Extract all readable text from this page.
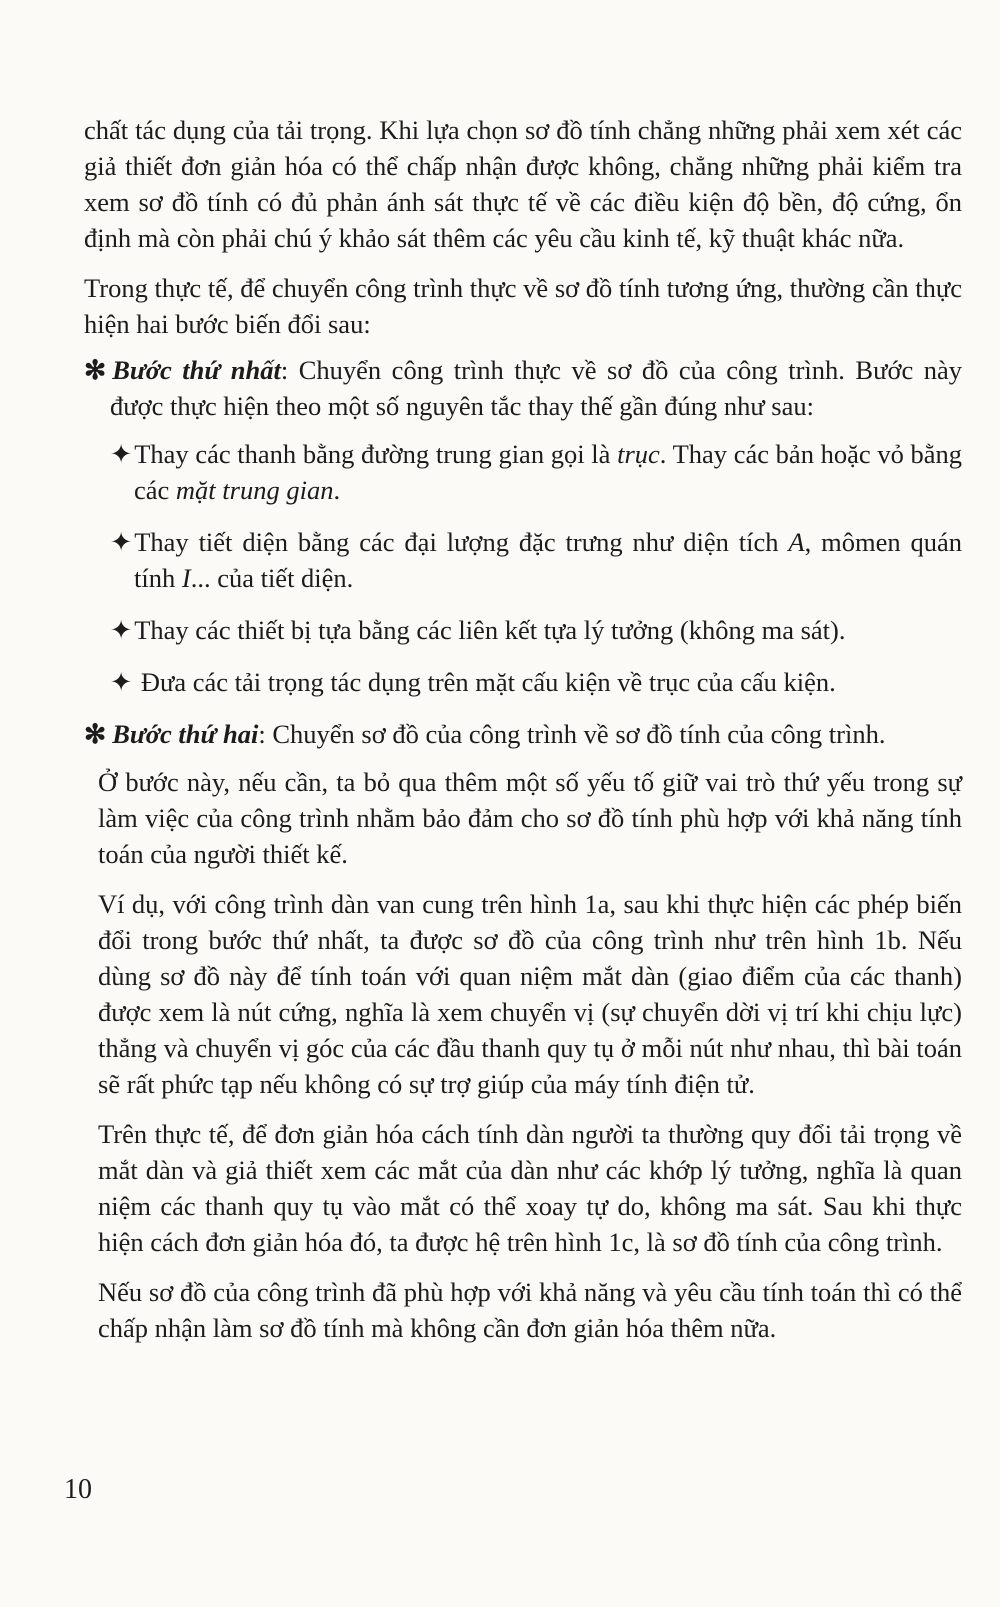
chất tác dụng của tải trọng. Khi lựa chọn sơ đồ tính chẳng những phải xem xét các giả thiết đơn giản hóa có thể chấp nhận được không, chẳng những phải kiểm tra xem sơ đồ tính có đủ phản ánh sát thực tế về các điều kiện độ bền, độ cứng, ổn định mà còn phải chú ý khảo sát thêm các yêu cầu kinh tế, kỹ thuật khác nữa.

Trong thực tế, để chuyển công trình thực về sơ đồ tính tương ứng, thường cần thực hiện hai bước biến đổi sau:

✻ Bước thứ nhất: Chuyển công trình thực về sơ đồ của công trình. Bước này được thực hiện theo một số nguyên tắc thay thế gần đúng như sau:

✦Thay các thanh bằng đường trung gian gọi là trục. Thay các bản hoặc vỏ bằng các mặt trung gian.

✦Thay tiết diện bằng các đại lượng đặc trưng như diện tích A, mômen quán tính I... của tiết diện.

✦Thay các thiết bị tựa bằng các liên kết tựa lý tưởng (không ma sát).

✦ Đưa các tải trọng tác dụng trên mặt cấu kiện về trục của cấu kiện.

✻ Bước thứ hai: Chuyển sơ đồ của công trình về sơ đồ tính của công trình.

Ở bước này, nếu cần, ta bỏ qua thêm một số yếu tố giữ vai trò thứ yếu trong sự làm việc của công trình nhằm bảo đảm cho sơ đồ tính phù hợp với khả năng tính toán của người thiết kế.

Ví dụ, với công trình dàn van cung trên hình 1a, sau khi thực hiện các phép biến đổi trong bước thứ nhất, ta được sơ đồ của công trình như trên hình 1b. Nếu dùng sơ đồ này để tính toán với quan niệm mắt dàn (giao điểm của các thanh) được xem là nút cứng, nghĩa là xem chuyển vị (sự chuyển dời vị trí khi chịu lực) thẳng và chuyển vị góc của các đầu thanh quy tụ ở mỗi nút như nhau, thì bài toán sẽ rất phức tạp nếu không có sự trợ giúp của máy tính điện tử.

Trên thực tế, để đơn giản hóa cách tính dàn người ta thường quy đổi tải trọng về mắt dàn và giả thiết xem các mắt của dàn như các khớp lý tưởng, nghĩa là quan niệm các thanh quy tụ vào mắt có thể xoay tự do, không ma sát. Sau khi thực hiện cách đơn giản hóa đó, ta được hệ trên hình 1c, là sơ đồ tính của công trình.

Nếu sơ đồ của công trình đã phù hợp với khả năng và yêu cầu tính toán thì có thể chấp nhận làm sơ đồ tính mà không cần đơn giản hóa thêm nữa.

10
